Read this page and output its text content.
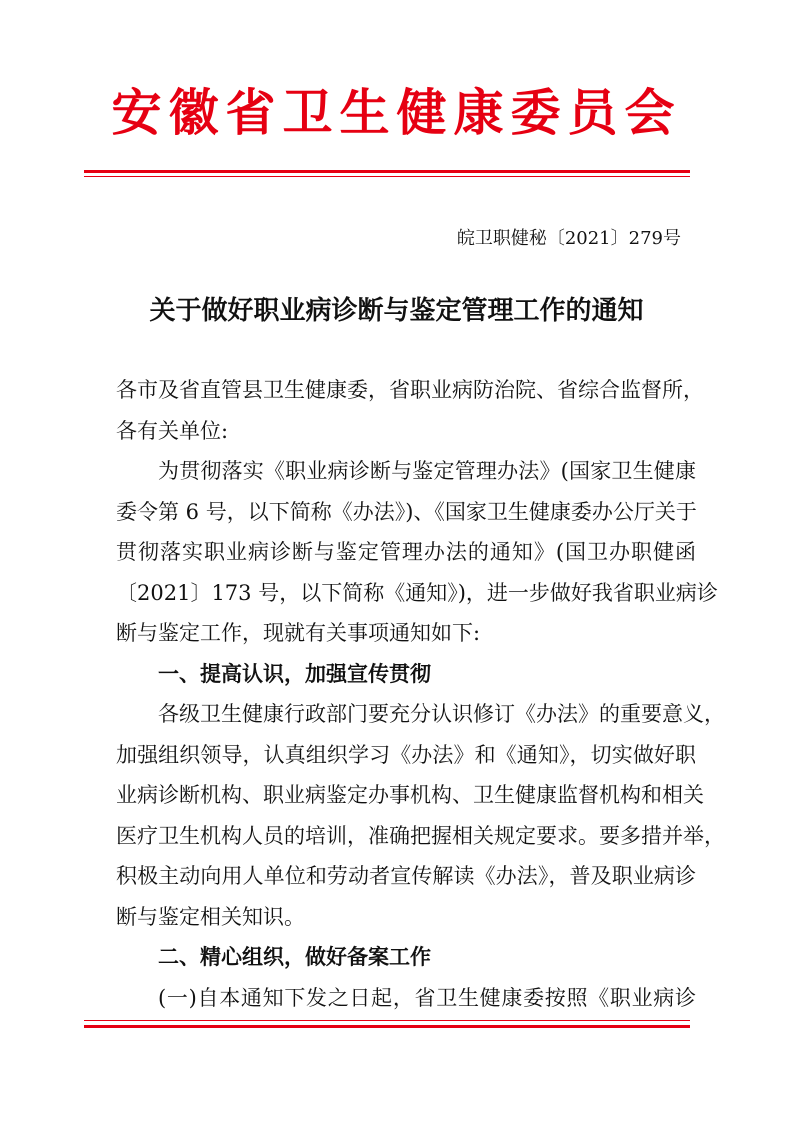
安徽省卫生健康委员会
皖卫职健秘〔2021〕279号
关于做好职业病诊断与鉴定管理工作的通知
各市及省直管县卫生健康委，省职业病防治院、省综合监督所，
各有关单位:
为贯彻落实《职业病诊断与鉴定管理办法》(国家卫生健康
委令第 6 号，以下简称《办法》)、《国家卫生健康委办公厅关于
贯彻落实职业病诊断与鉴定管理办法的通知》(国卫办职健函
〔2021〕173 号，以下简称《通知》)，进一步做好我省职业病诊
断与鉴定工作，现就有关事项通知如下:
一、提高认识，加强宣传贯彻
各级卫生健康行政部门要充分认识修订《办法》的重要意义，
加强组织领导，认真组织学习《办法》和《通知》，切实做好职
业病诊断机构、职业病鉴定办事机构、卫生健康监督机构和相关
医疗卫生机构人员的培训，准确把握相关规定要求。要多措并举，
积极主动向用人单位和劳动者宣传解读《办法》，普及职业病诊
断与鉴定相关知识。
二、精心组织，做好备案工作
(一)自本通知下发之日起，省卫生健康委按照《职业病诊
